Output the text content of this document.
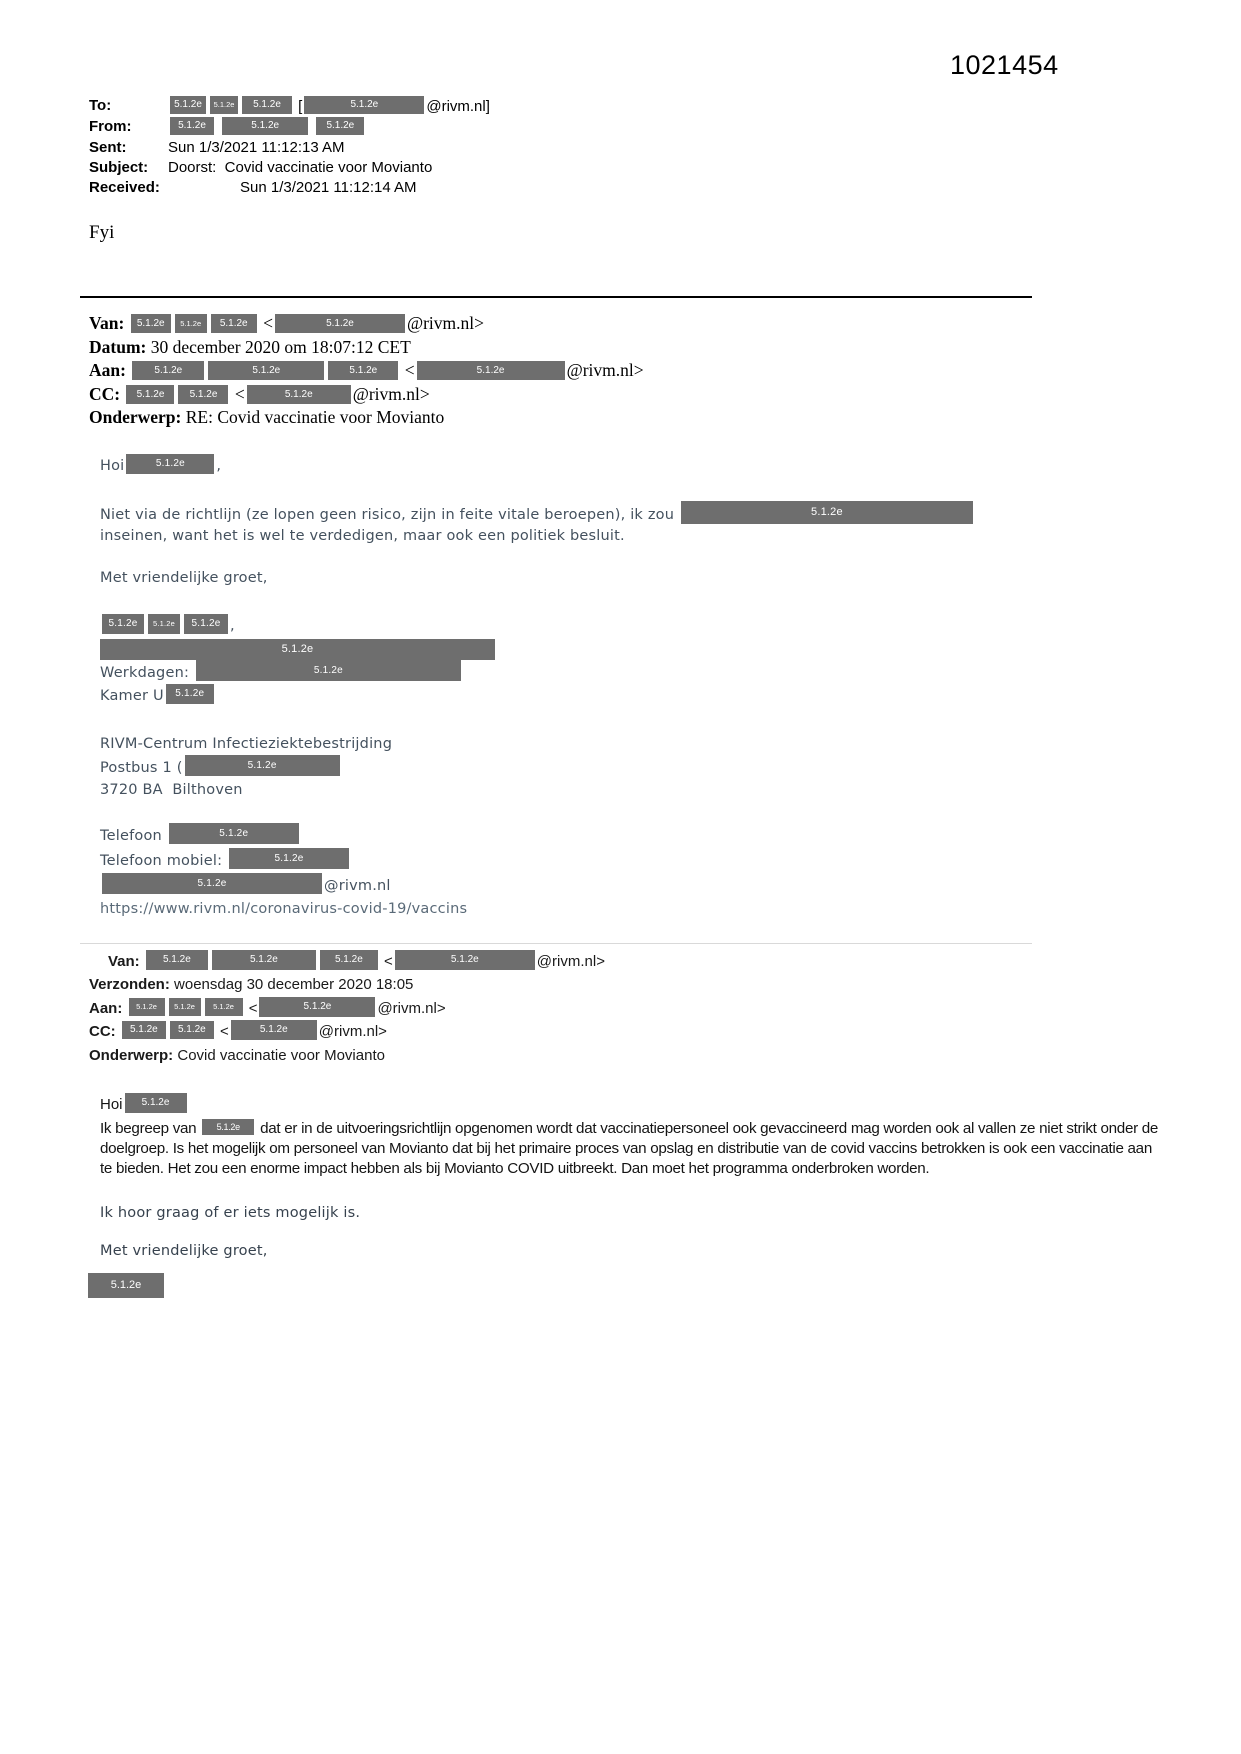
1021454
To:	5.1.2e 5.1.2e 5.1.2e [	5.1.2e	@rivm.nl]
From:	5.1.2e	5.1.2e	5.1.2e
Sent:	Sun 1/3/2021 11:12:13 AM
Subject: Doorst:  Covid vaccinatie voor Movianto
Received:	Sun 1/3/2021 11:12:14 AM
Fyi
Van: 5.1.2e 5.1.2e 5.1.2e <	5.1.2e	@rivm.nl>
Datum: 30 december 2020 om 18:07:12 CET
Aan:	5.1.2e	5.1.2e	5.1.2e <	5.1.2e	@rivm.nl>
CC: 5.1.2e	5.1.2e <	5.1.2e @rivm.nl>
Onderwerp: RE: Covid vaccinatie voor Movianto
Hoi	5.1.2e ,
Niet via de richtlijn (ze lopen geen risico, zijn in feite vitale beroepen), ik zou	5.1.2e
inseinen, want het is wel te verdedigen, maar ook een politiek besluit.
Met vriendelijke groet,
5.1.2e 5.1.2e 5.1.2e ,
5.1.2e
Werkdagen:	5.1.2e
Kamer U 5.1.2e
RIVM-Centrum Infectieziektebestrijding
Postbus 1 (	5.1.2e
3720 BA  Bilthoven
Telefoon	5.1.2e
Telefoon mobiel:	5.1.2e
5.1.2e	@rivm.nl
https://www.rivm.nl/coronavirus-covid-19/vaccins
Van: 5.1.2e	5.1.2e	5.1.2e <	5.1.2e	@rivm.nl>
Verzonden: woensdag 30 december 2020 18:05
Aan: 5.1.2e 5.1.2e 5.1.2e <	5.1.2e	@rivm.nl>
CC: 5.1.2e 5.1.2e <	5.1.2e @rivm.nl>
Onderwerp: Covid vaccinatie voor Movianto
Hoi 5.1.2e
Ik begreep van 5.1.2e dat er in de uitvoeringsrichtlijn opgenomen wordt dat vaccinatiepersoneel ook gevaccineerd mag worden ook al vallen ze niet strikt onder de doelgroep. Is het mogelijk om personeel van Movianto dat bij het primaire proces van opslag en distributie van de covid vaccins betrokken is ook een vaccinatie aan te bieden. Het zou een enorme impact hebben als bij Movianto COVID uitbreekt. Dan moet het programma onderbroken worden.
Ik hoor graag of er iets mogelijk is.
Met vriendelijke groet,
5.1.2e
